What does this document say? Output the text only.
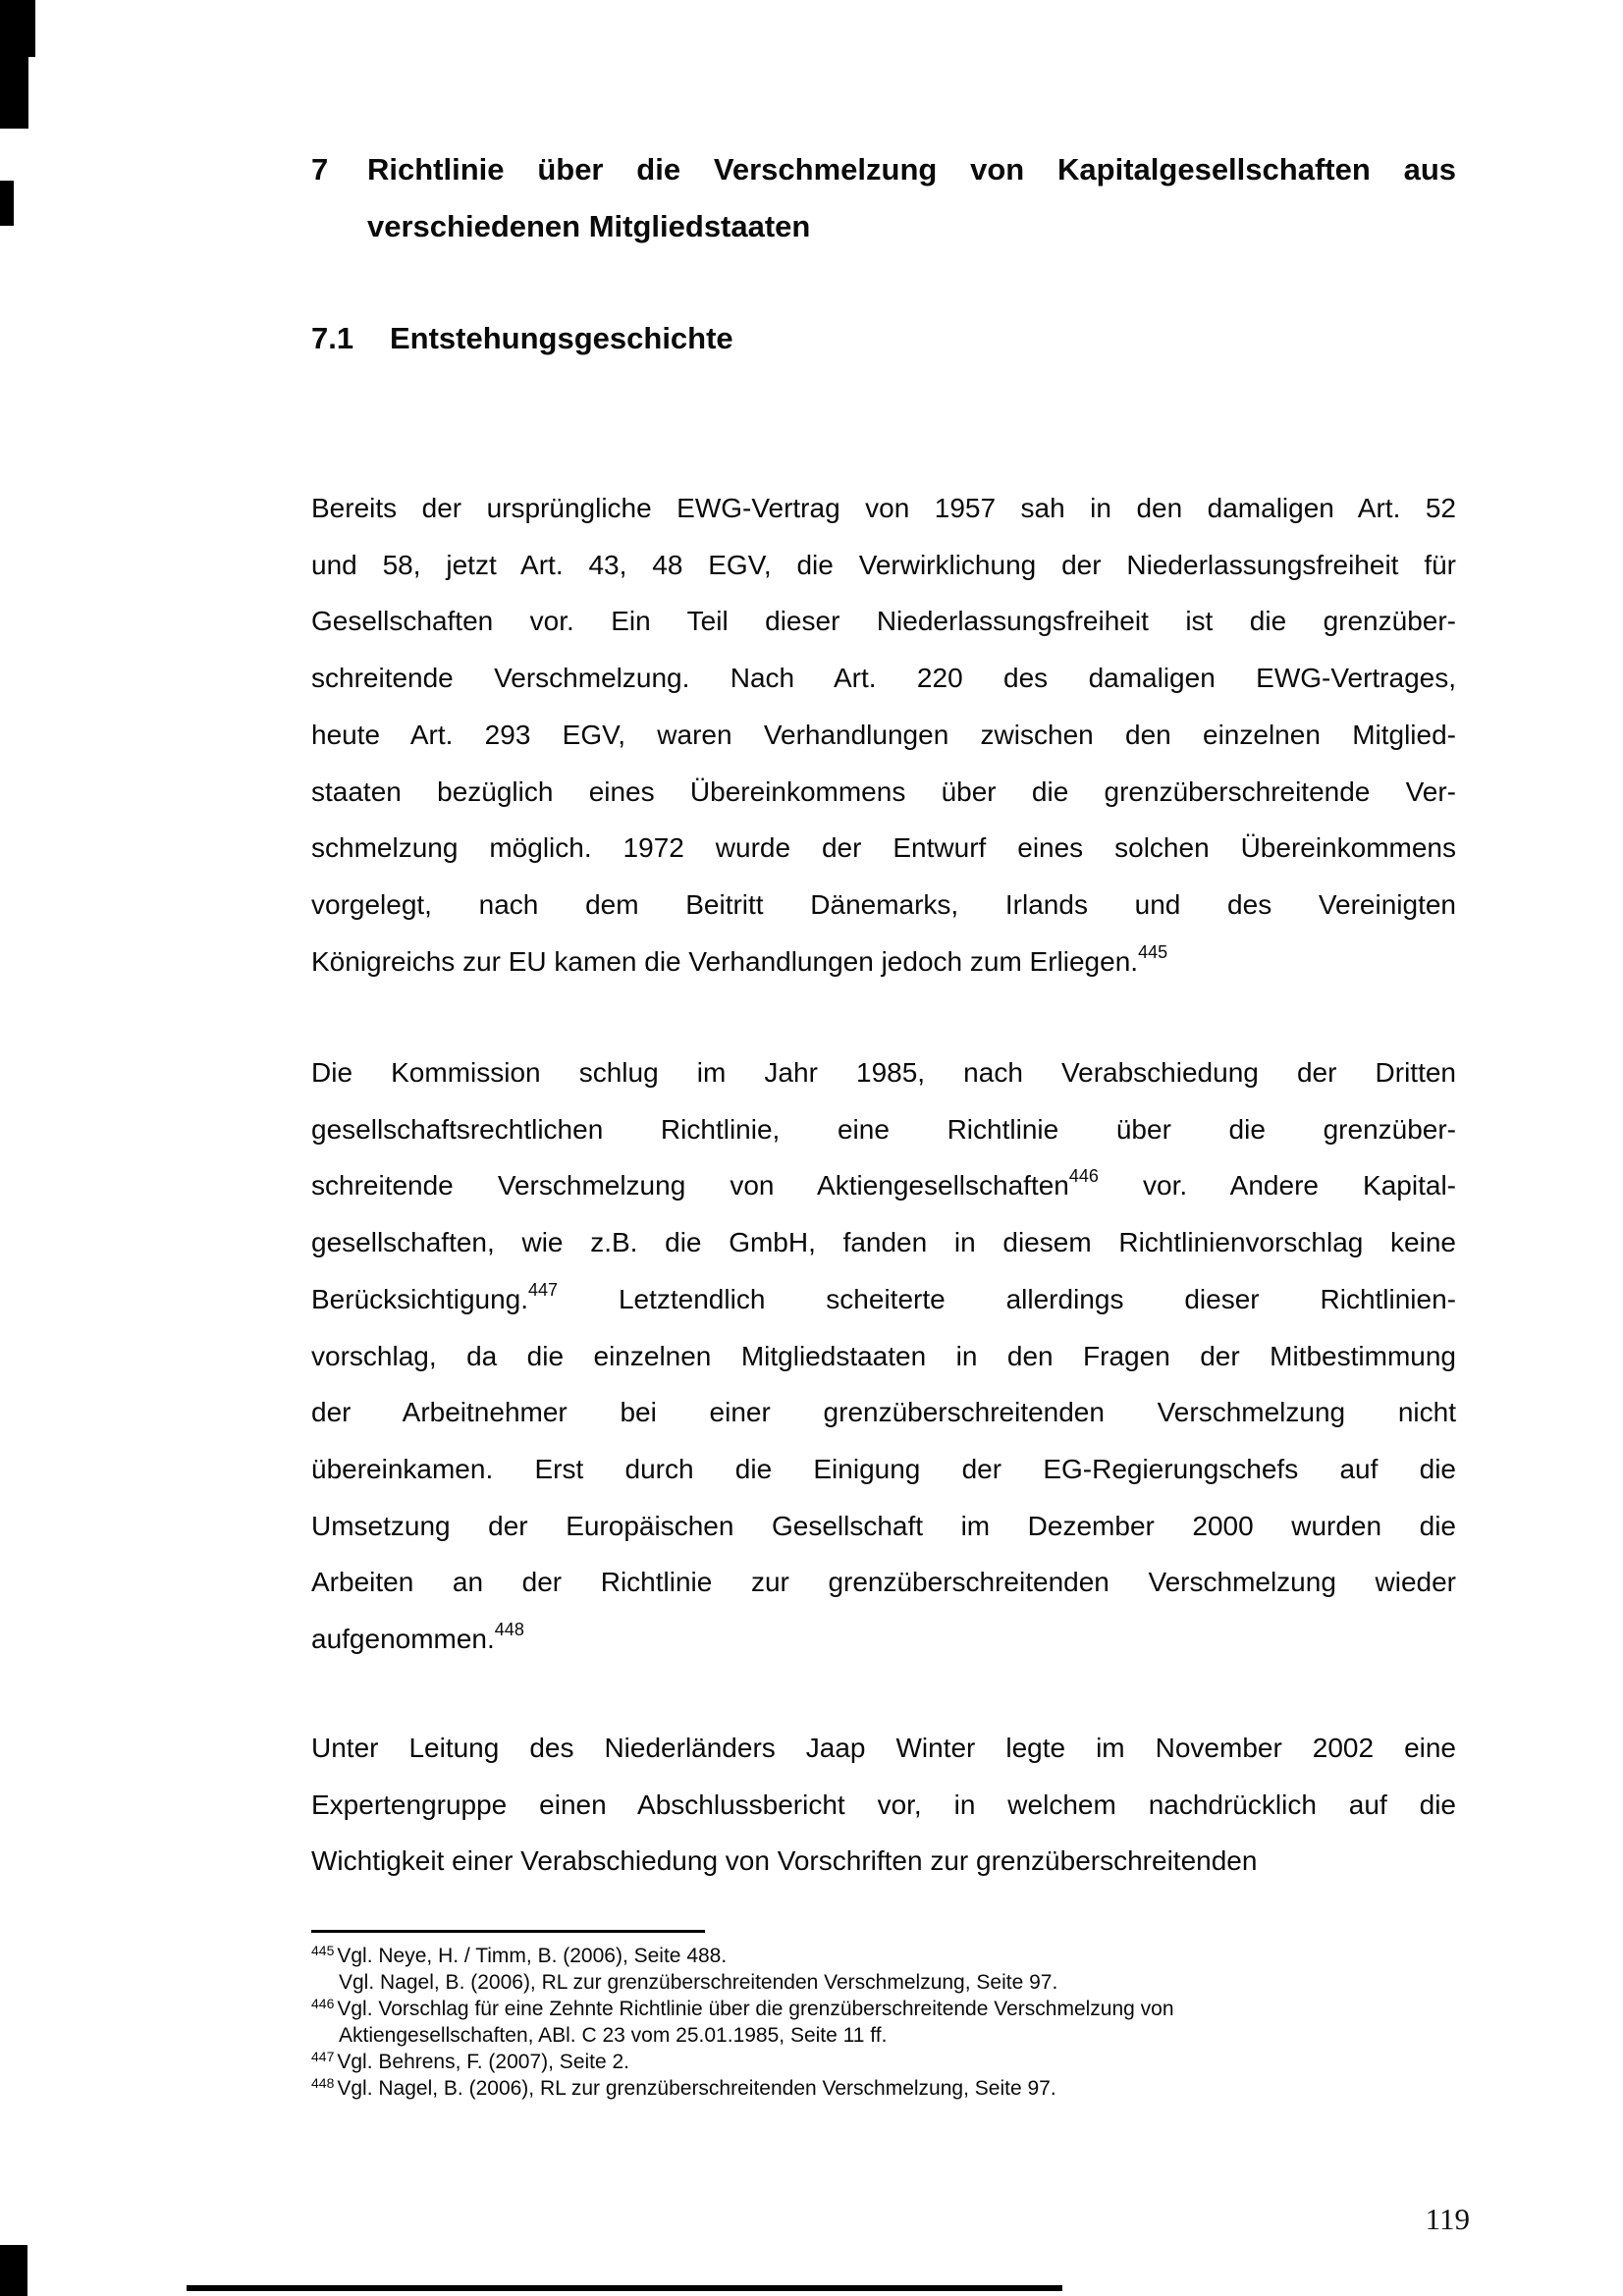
7 Richtlinie über die Verschmelzung von Kapitalgesellschaften aus
verschiedenen Mitgliedstaaten
7.1 Entstehungsgeschichte
Bereits der ursprüngliche EWG-Vertrag von 1957 sah in den damaligen Art. 52
und 58, jetzt Art. 43, 48 EGV, die Verwirklichung der Niederlassungsfreiheit für
Gesellschaften vor. Ein Teil dieser Niederlassungsfreiheit ist die grenzüber-
schreitende Verschmelzung. Nach Art. 220 des damaligen EWG-Vertrages,
heute Art. 293 EGV, waren Verhandlungen zwischen den einzelnen Mitglied-
staaten bezüglich eines Übereinkommens über die grenzüberschreitende Ver-
schmelzung möglich. 1972 wurde der Entwurf eines solchen Übereinkommens
vorgelegt, nach dem Beitritt Dänemarks, Irlands und des Vereinigten
Königreichs zur EU kamen die Verhandlungen jedoch zum Erliegen.$^{445}$
Die Kommission schlug im Jahr 1985, nach Verabschiedung der Dritten
gesellschaftsrechtlichen Richtlinie, eine Richtlinie über die grenzüber-
schreitende Verschmelzung von Aktiengesellschaften$^{446}$ vor. Andere Kapital-
gesellschaften, wie z.B. die GmbH, fanden in diesem Richtlinienvorschlag keine
Berücksichtigung.$^{447}$ Letztendlich scheiterte allerdings dieser Richtlinien-
vorschlag, da die einzelnen Mitgliedstaaten in den Fragen der Mitbestimmung
der Arbeitnehmer bei einer grenzüberschreitenden Verschmelzung nicht
übereinkamen. Erst durch die Einigung der EG-Regierungschefs auf die
Umsetzung der Europäischen Gesellschaft im Dezember 2000 wurden die
Arbeiten an der Richtlinie zur grenzüberschreitenden Verschmelzung wieder
aufgenommen.$^{448}$
Unter Leitung des Niederländers Jaap Winter legte im November 2002 eine
Expertengruppe einen Abschlussbericht vor, in welchem nachdrücklich auf die
Wichtigkeit einer Verabschiedung von Vorschriften zur grenzüberschreitenden
$^{445}$ Vgl. Neye, H. / Timm, B. (2006), Seite 488.
Vgl. Nagel, B. (2006), RL zur grenzüberschreitenden Verschmelzung, Seite 97.
$^{446}$ Vgl. Vorschlag für eine Zehnte Richtlinie über die grenzüberschreitende Verschmelzung von
Aktiengesellschaften, ABl. C 23 vom 25.01.1985, Seite 11 ff.
$^{447}$ Vgl. Behrens, F. (2007), Seite 2.
$^{448}$ Vgl. Nagel, B. (2006), RL zur grenzüberschreitenden Verschmelzung, Seite 97.
119
